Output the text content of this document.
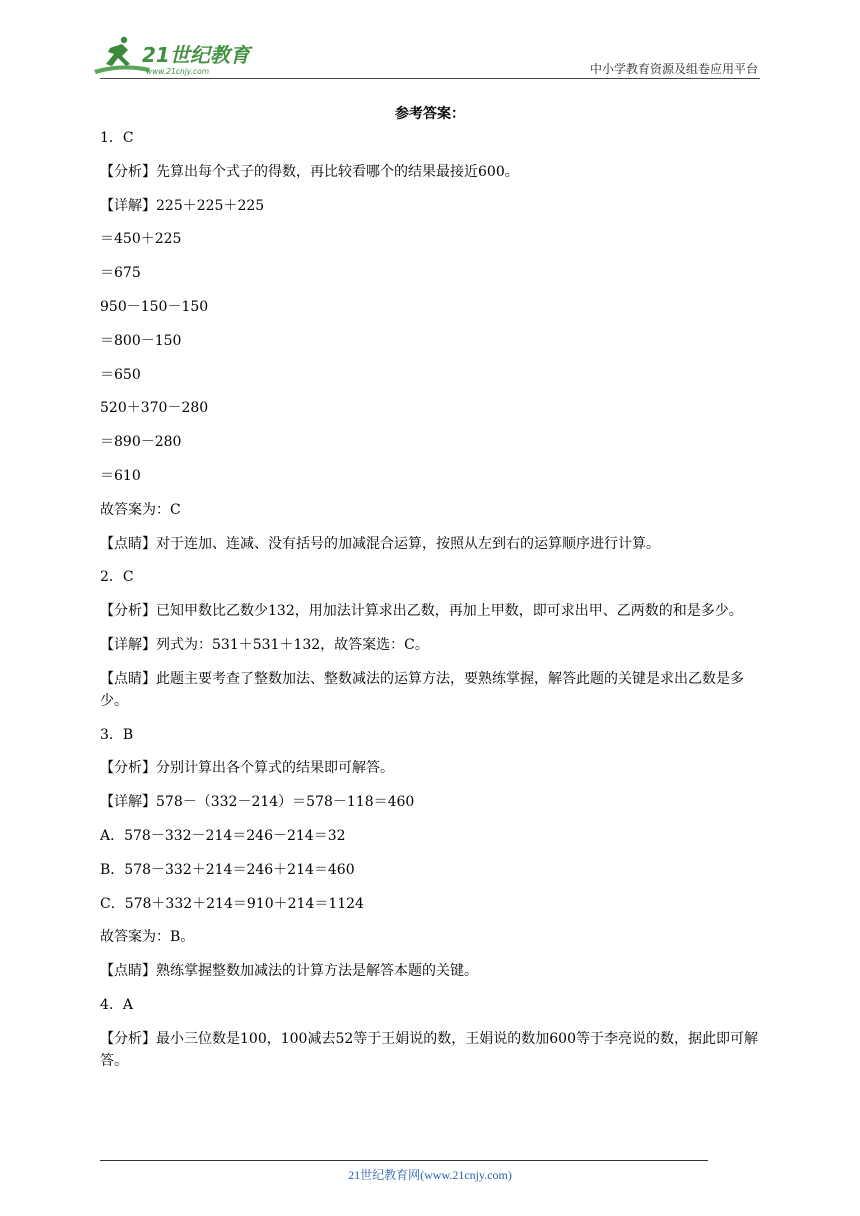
21世纪教育
www.21cnjy.com	中小学教育资源及组卷应用平台
参考答案：
1．C
【分析】先算出每个式子的得数，再比较看哪个的结果最接近600。
【详解】225＋225＋225
＝450＋225
＝675
950－150－150
＝800－150
＝650
520＋370－280
＝890－280
＝610
故答案为：C
【点睛】对于连加、连减、没有括号的加减混合运算，按照从左到右的运算顺序进行计算。
2．C
【分析】已知甲数比乙数少132，用加法计算求出乙数，再加上甲数，即可求出甲、乙两数的和是多少。
【详解】列式为：531＋531＋132，故答案选：C。
【点睛】此题主要考查了整数加法、整数减法的运算方法，要熟练掌握，解答此题的关键是求出乙数是多少。
3．B
【分析】分别计算出各个算式的结果即可解答。
【详解】578－（332－214）＝578－118＝460
A．578－332－214＝246－214＝32
B．578－332＋214＝246＋214＝460
C．578＋332＋214＝910＋214＝1124
故答案为：B。
【点睛】熟练掌握整数加减法的计算方法是解答本题的关键。
4．A
【分析】最小三位数是100，100减去52等于王娟说的数，王娟说的数加600等于李亮说的数，据此即可解答。
21世纪教育网(www.21cnjy.com)
